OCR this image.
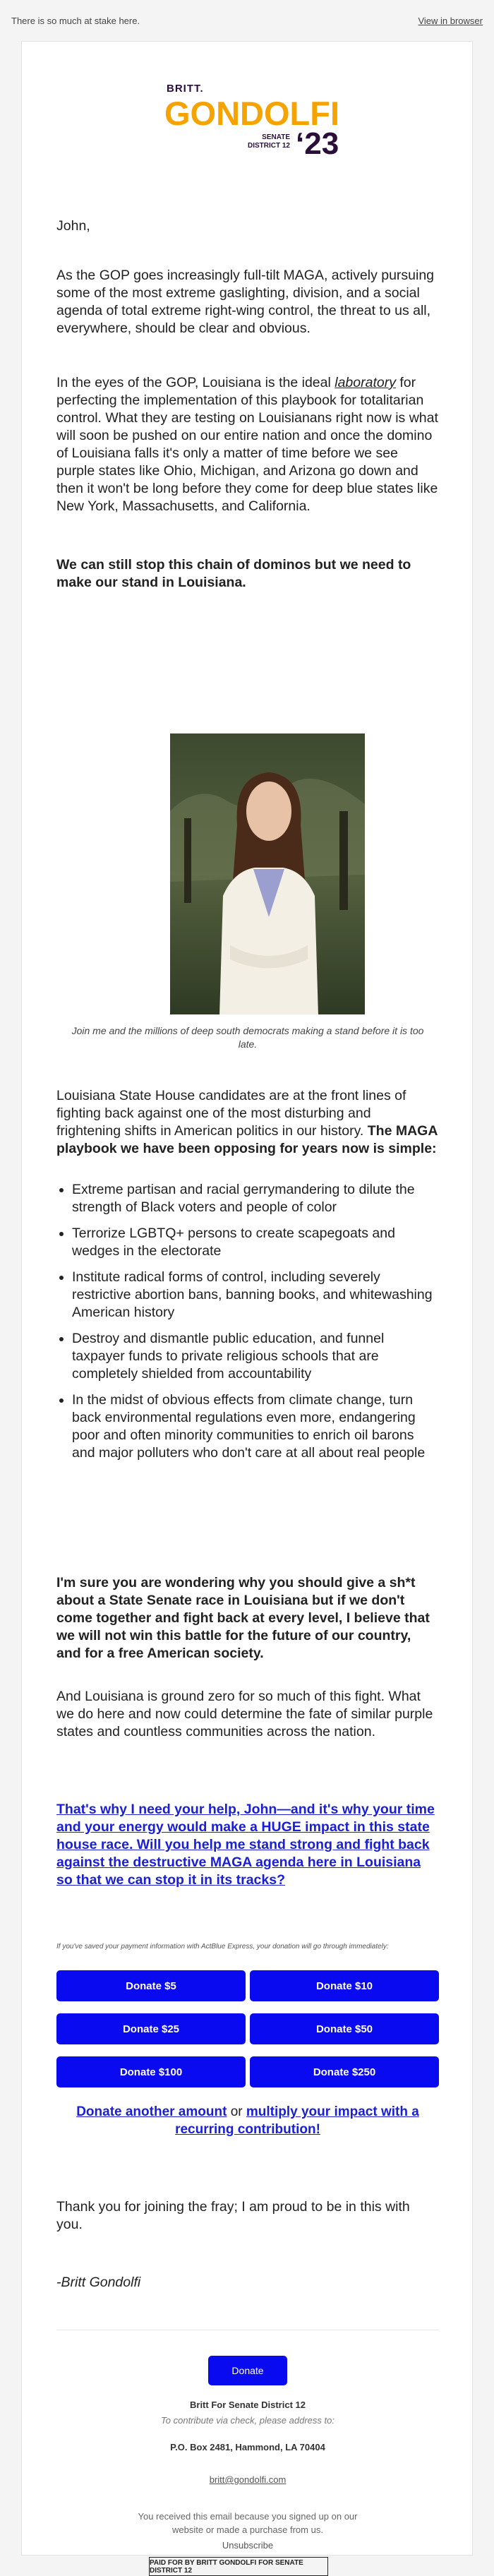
There is so much at stake here.	View in browser
BRITT.
GONDOLFI
SENATE
DISTRICT 12 ‘23

John,

As the GOP goes increasingly full-tilt MAGA, actively pursuing some of the most extreme gaslighting, division, and a social agenda of total extreme right-wing control, the threat to us all, everywhere, should be clear and obvious.

In the eyes of the GOP, Louisiana is the ideal laboratory for perfecting the implementation of this playbook for totalitarian control. What they are testing on Louisianans right now is what will soon be pushed on our entire nation and once the domino of Louisiana falls it's only a matter of time before we see purple states like Ohio, Michigan, and Arizona go down and then it won't be long before they come for deep blue states like New York, Massachusetts, and California.

We can still stop this chain of dominos but we need to make our stand in Louisiana.

Join me and the millions of deep south democrats making a stand before it is too late.

Louisiana State House candidates are at the front lines of fighting back against one of the most disturbing and frightening shifts in American politics in our history. The MAGA playbook we have been opposing for years now is simple:

• Extreme partisan and racial gerrymandering to dilute the strength of Black voters and people of color
• Terrorize LGBTQ+ persons to create scapegoats and wedges in the electorate
• Institute radical forms of control, including severely restrictive abortion bans, banning books, and whitewashing American history
• Destroy and dismantle public education, and funnel taxpayer funds to private religious schools that are completely shielded from accountability
• In the midst of obvious effects from climate change, turn back environmental regulations even more, endangering poor and often minority communities to enrich oil barons and major polluters who don't care at all about real people

I'm sure you are wondering why you should give a sh*t about a State Senate race in Louisiana but if we don't come together and fight back at every level, I believe that we will not win this battle for the future of our country, and for a free American society.

And Louisiana is ground zero for so much of this fight. What we do here and now could determine the fate of similar purple states and countless communities across the nation.

That's why I need your help, John—and it's why your time and your energy would make a HUGE impact in this state house race. Will you help me stand strong and fight back against the destructive MAGA agenda here in Louisiana so that we can stop it in its tracks?

If you've saved your payment information with ActBlue Express, your donation will go through immediately:
Donate $5	Donate $10
Donate $25	Donate $50
Donate $100	Donate $250
Donate another amount or multiply your impact with a recurring contribution!

Thank you for joining the fray; I am proud to be in this with you.

-Britt Gondolfi

Donate
Britt For Senate District 12
To contribute via check, please address to:
P.O. Box 2481, Hammond, LA 70404
britt@gondolfi.com
You received this email because you signed up on our website or made a purchase from us.
Unsubscribe
PAID FOR BY BRITT GONDOLFI FOR SENATE DISTRICT 12
